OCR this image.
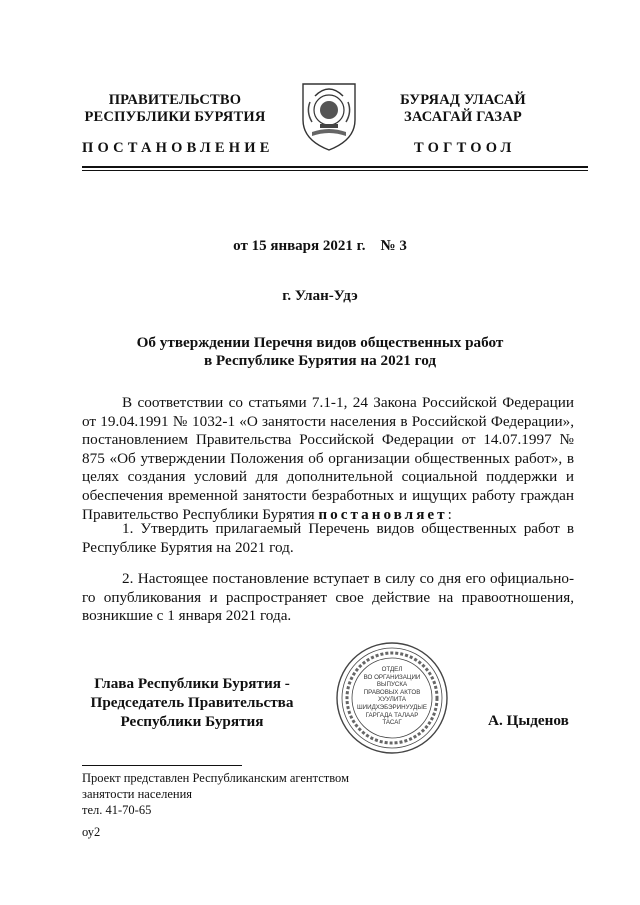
ПРАВИТЕЛЬСТВО
РЕСПУБЛИКИ БУРЯТИЯ
БУРЯАД УЛАСАЙ
ЗАСАГАЙ ГАЗАР
ПОСТАНОВЛЕНИЕ	ТОГТООЛ
от 15 января 2021 г.    № 3
г. Улан-Удэ
Об утверждении Перечня видов общественных работ
в Республике Бурятия на 2021 год
В соответствии со статьями 7.1-1, 24 Закона Российской Федерации от 19.04.1991 № 1032-1 «О занятости населения в Российской Федерации», постановлением Правительства Российской Федерации от 14.07.1997 № 875 «Об утверждении Положения об организации общественных работ», в целях создания условий для дополнительной социальной поддержки и обеспечения временной занятости безработных и ищущих работу граждан Правительство Республики Бурятия постановляет:
1. Утвердить прилагаемый Перечень видов общественных работ в Республике Бурятия на 2021 год.
2. Настоящее постановление вступает в силу со дня его официального опубликования и распространяет свое действие на правоотношения, возникшие с 1 января 2021 года.
Глава Республики Бурятия -
Председатель Правительства
Республики Бурятия
ОТДЕЛ
ВО ОРГАНИЗАЦИИ
ВЫПУСКА
ПРАВОВЫХ АКТОВ
ХУУЛИТА
ШИИДХЭБЭРИНУУДЫЕ
ГАРГАДА ТАЛААР
ТАСАГ	А. Цыденов
Проект представлен Республиканским агентством
занятости населения
тел. 41-70-65
оу2
